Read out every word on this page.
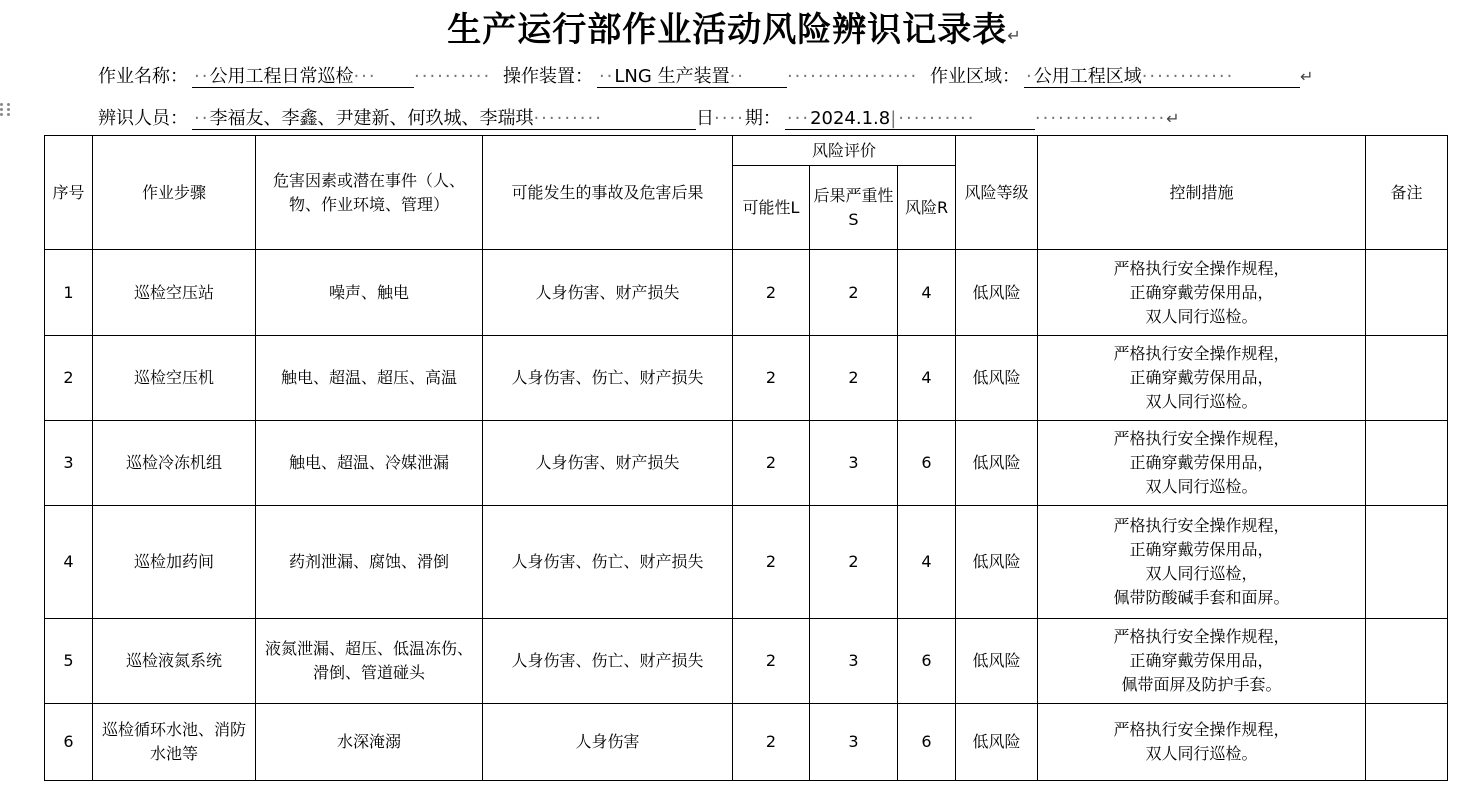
生产运行部作业活动风险辨识记录表↵
作业名称： ··公用工程日常巡检··· ·········· 操作装置： ··LNG 生产装置·· ················· 作业区域： ·公用工程区域············	↵
辨识人员： ··李福友、李鑫、尹建新、何玖城、李瑞琪·········	日····期： ···2024.1.8|··········	·················↵
序号	作业步骤	危害因素或潜在事件（人、物、作业环境、管理）	可能发生的事故及危害后果	风险评价			风险等级	控制措施	备注
				可能性L	后果严重性S	风险R			
1	巡检空压站	噪声、触电	人身伤害、财产损失	2	2	4	低风险	严格执行安全操作规程，
正确穿戴劳保用品，
双人同行巡检。	

2	巡检空压机	触电、超温、超压、高温	人身伤害、伤亡、财产损失	2	2	4	低风险	严格执行安全操作规程，
正确穿戴劳保用品，
双人同行巡检。	

3	巡检冷冻机组	触电、超温、冷媒泄漏	人身伤害、财产损失	2	3	6	低风险	严格执行安全操作规程，
正确穿戴劳保用品，
双人同行巡检。	

4	巡检加药间	药剂泄漏、腐蚀、滑倒	人身伤害、伤亡、财产损失	2	2	4	低风险	严格执行安全操作规程，
正确穿戴劳保用品，
双人同行巡检，
佩带防酸碱手套和面屏。	

5	巡检液氮系统	液氮泄漏、超压、低温冻伤、滑倒、管道碰头	人身伤害、伤亡、财产损失	2	3	6	低风险	严格执行安全操作规程，
正确穿戴劳保用品，
佩带面屏及防护手套。	

6	巡检循环水池、消防水池等	水深淹溺	人身伤害	2	3	6	低风险	严格执行安全操作规程，
双人同行巡检。	
